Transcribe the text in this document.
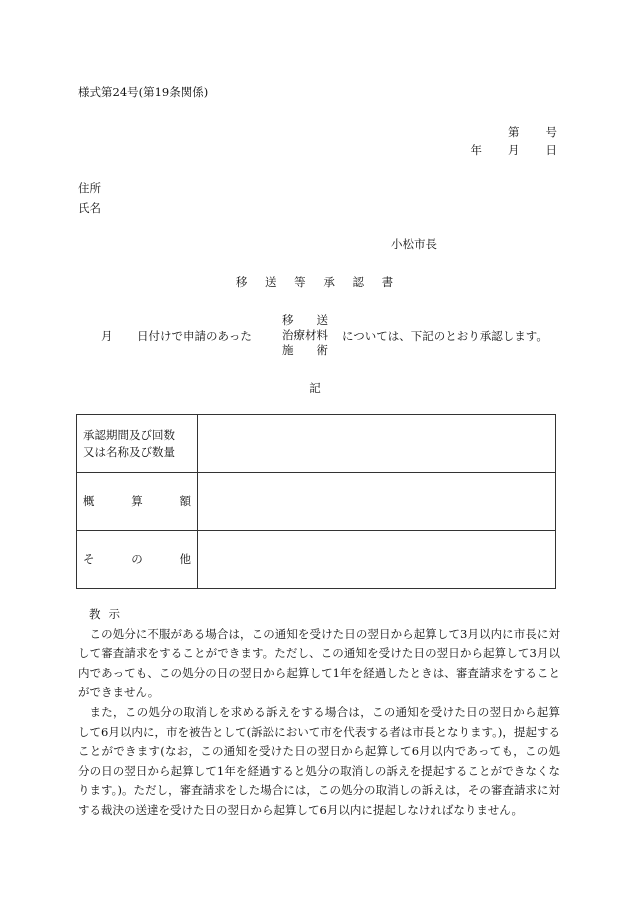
様式第24号(第19条関係)
第 号
年 月 日
住所
氏名
小松市長
移 送 等 承 認 書
月 日付けで申請のあった
移　　送
治療材料
施　　術
については、下記のとおり承認します。
記
承認期間及び回数
又は名称及び数量	

概 算 額	

そ の 他	

教示

この処分に不服がある場合は，この通知を受けた日の翌日から起算して3月以内に市長に対して審査請求をすることができます。ただし、この通知を受けた日の翌日から起算して3月以内であっても、この処分の日の翌日から起算して1年を経過したときは、審査請求をすることができません。

また，この処分の取消しを求める訴えをする場合は，この通知を受けた日の翌日から起算して6月以内に，市を被告として(訴訟において市を代表する者は市長となります。)，提起することができます(なお，この通知を受けた日の翌日から起算して6月以内であっても，この処分の日の翌日から起算して1年を経過すると処分の取消しの訴えを提起することができなくなります。)。ただし，審査請求をした場合には，この処分の取消しの訴えは，その審査請求に対する裁決の送達を受けた日の翌日から起算して6月以内に提起しなければなりません。
